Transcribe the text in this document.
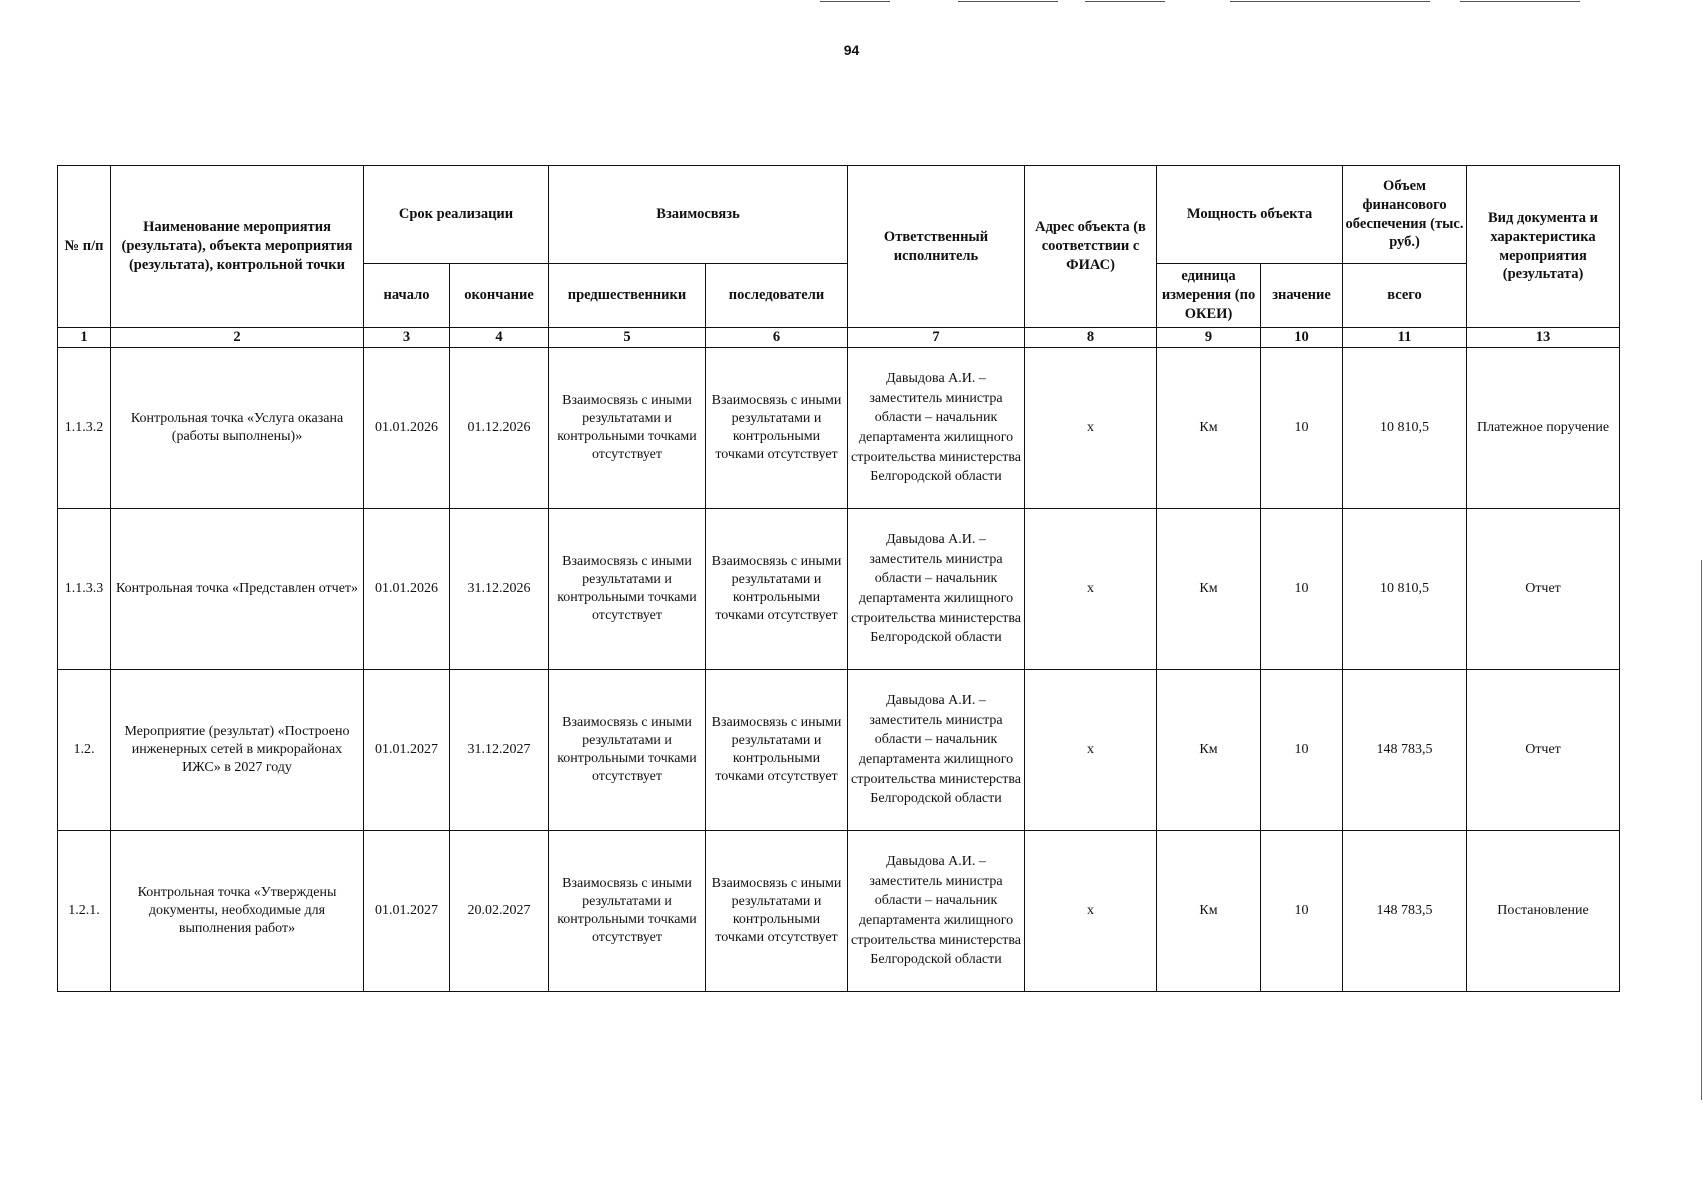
94
№ п/п	Наименование мероприятия (результата), объекта мероприятия (результата), контрольной точки	Срок реализации		Взаимосвязь		Ответственный исполнитель	Адрес объекта (в соответствии с ФИАС)	Мощность объекта		Объем финансового обеспечения (тыс. руб.)	Вид документа и характеристика мероприятия (результата)
		начало	окончание	предшественники	последователи			единица измерения (по ОКЕИ)	значение	всего	
1	2	3	4	5	6	7	8	9	10	11	13
1.1.3.2	Контрольная точка «Услуга оказана (работы выполнены)»	01.01.2026	01.12.2026	Взаимосвязь с иными результатами и контрольными точками отсутствует	Взаимосвязь с иными результатами и контрольными точками отсутствует	Давыдова А.И. – заместитель министра области – начальник департамента жилищного строительства министерства Белгородской области	х	Км	10	10 810,5	Платежное поручение
1.1.3.3	Контрольная точка «Представлен отчет»	01.01.2026	31.12.2026	Взаимосвязь с иными результатами и контрольными точками отсутствует	Взаимосвязь с иными результатами и контрольными точками отсутствует	Давыдова А.И. – заместитель министра области – начальник департамента жилищного строительства министерства Белгородской области	х	Км	10	10 810,5	Отчет
1.2.	Мероприятие (результат) «Построено инженерных сетей в микрорайонах ИЖС» в 2027 году	01.01.2027	31.12.2027	Взаимосвязь с иными результатами и контрольными точками отсутствует	Взаимосвязь с иными результатами и контрольными точками отсутствует	Давыдова А.И. – заместитель министра области – начальник департамента жилищного строительства министерства Белгородской области	х	Км	10	148 783,5	Отчет
1.2.1.	Контрольная точка «Утверждены документы, необходимые для выполнения работ»	01.01.2027	20.02.2027	Взаимосвязь с иными результатами и контрольными точками отсутствует	Взаимосвязь с иными результатами и контрольными точками отсутствует	Давыдова А.И. – заместитель министра области – начальник департамента жилищного строительства министерства Белгородской области	х	Км	10	148 783,5	Постановление
